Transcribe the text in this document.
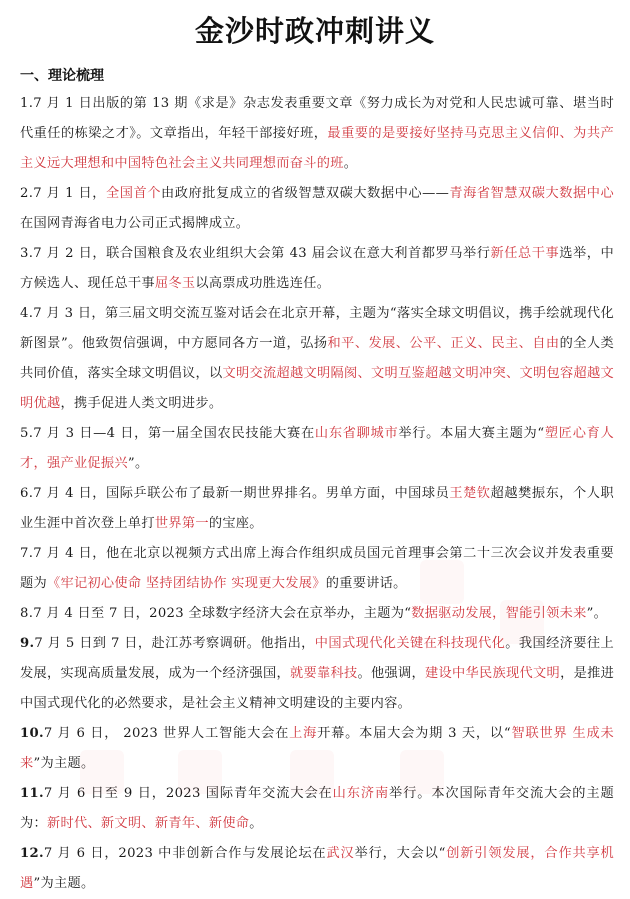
金沙时政冲刺讲义
一、理论梳理

1.7 月 1 日出版的第 13 期《求是》杂志发表重要文章《努力成长为对党和人民忠诚可靠、堪当时代重任的栋梁之才》。文章指出，年轻干部接好班，最重要的是要接好坚持马克思主义信仰、为共产主义远大理想和中国特色社会主义共同理想而奋斗的班。

2.7 月 1 日，全国首个由政府批复成立的省级智慧双碳大数据中心——青海省智慧双碳大数据中心在国网青海省电力公司正式揭牌成立。

3.7 月 2 日，联合国粮食及农业组织大会第 43 届会议在意大利首都罗马举行新任总干事选举，中方候选人、现任总干事屈冬玉以高票成功胜选连任。

4.7 月 3 日，第三届文明交流互鉴对话会在北京开幕，主题为“落实全球文明倡议，携手绘就现代化新图景”。他致贺信强调，中方愿同各方一道，弘扬和平、发展、公平、正义、民主、自由的全人类共同价值，落实全球文明倡议，以文明交流超越文明隔阂、文明互鉴超越文明冲突、文明包容超越文明优越，携手促进人类文明进步。

5.7 月 3 日—4 日，第一届全国农民技能大赛在山东省聊城市举行。本届大赛主题为“塑匠心育人才，强产业促振兴”。

6.7 月 4 日，国际乒联公布了最新一期世界排名。男单方面，中国球员王楚钦超越樊振东，个人职业生涯中首次登上单打世界第一的宝座。

7.7 月 4 日，他在北京以视频方式出席上海合作组织成员国元首理事会第二十三次会议并发表重要题为《牢记初心使命 坚持团结协作 实现更大发展》的重要讲话。

8.7 月 4 日至 7 日，2023 全球数字经济大会在京举办，主题为“数据驱动发展，智能引领未来”。

9.7 月 5 日到 7 日，赴江苏考察调研。他指出，中国式现代化关键在科技现代化。我国经济要往上发展，实现高质量发展，成为一个经济强国，就要靠科技。他强调，建设中华民族现代文明，是推进中国式现代化的必然要求，是社会主义精神文明建设的主要内容。

10.7 月 6 日， 2023 世界人工智能大会在上海开幕。本届大会为期 3 天，以“智联世界 生成未来”为主题。

11.7 月 6 日至 9 日，2023 国际青年交流大会在山东济南举行。本次国际青年交流大会的主题为：新时代、新文明、新青年、新使命。

12.7 月 6 日，2023 中非创新合作与发展论坛在武汉举行，大会以“创新引领发展，合作共享机遇”为主题。
